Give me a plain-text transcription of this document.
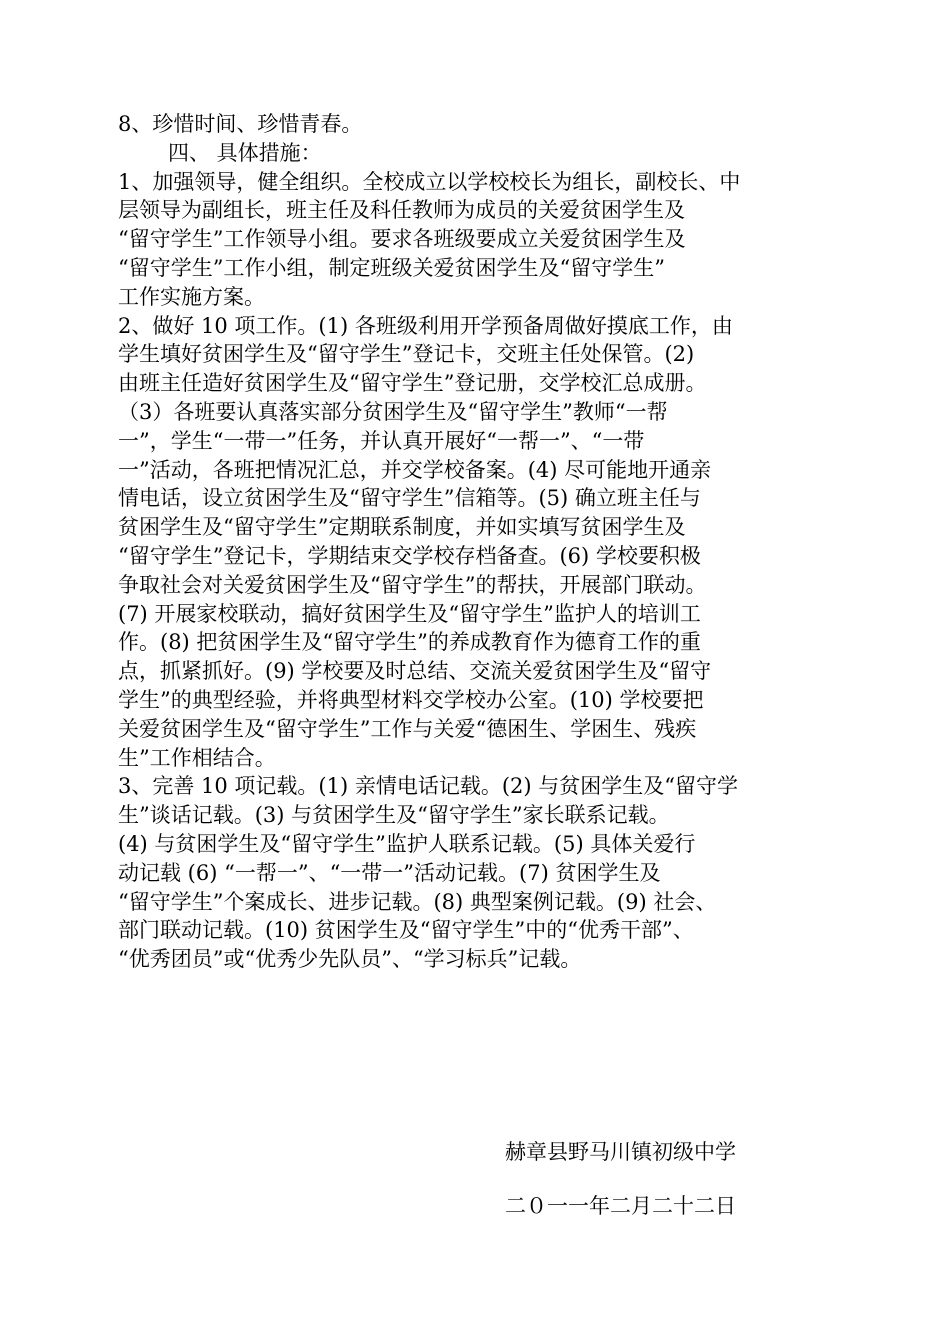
8、珍惜时间、珍惜青春。
四、 具体措施：
1、加强领导，健全组织。全校成立以学校校长为组长，副校长、中
层领导为副组长，班主任及科任教师为成员的关爱贫困学生及
“留守学生”工作领导小组。要求各班级要成立关爱贫困学生及
“留守学生”工作小组，制定班级关爱贫困学生及“留守学生”
工作实施方案。
2、做好 10 项工作。(1) 各班级利用开学预备周做好摸底工作，由
学生填好贫困学生及“留守学生”登记卡，交班主任处保管。(2)
由班主任造好贫困学生及“留守学生”登记册，交学校汇总成册。
（3）各班要认真落实部分贫困学生及“留守学生”教师“一帮
一”，学生“一带一”任务，并认真开展好“一帮一”、“一带
一”活动，各班把情况汇总，并交学校备案。(4) 尽可能地开通亲
情电话，设立贫困学生及“留守学生”信箱等。(5) 确立班主任与
贫困学生及“留守学生”定期联系制度，并如实填写贫困学生及
“留守学生”登记卡，学期结束交学校存档备查。(6) 学校要积极
争取社会对关爱贫困学生及“留守学生”的帮扶，开展部门联动。
(7) 开展家校联动，搞好贫困学生及“留守学生”监护人的培训工
作。(8) 把贫困学生及“留守学生”的养成教育作为德育工作的重
点，抓紧抓好。(9) 学校要及时总结、交流关爱贫困学生及“留守
学生”的典型经验，并将典型材料交学校办公室。(10) 学校要把
关爱贫困学生及“留守学生”工作与关爱“德困生、学困生、残疾
生”工作相结合。
3、完善 10 项记载。(1) 亲情电话记载。(2) 与贫困学生及“留守学
生”谈话记载。(3) 与贫困学生及“留守学生”家长联系记载。
(4) 与贫困学生及“留守学生”监护人联系记载。(5) 具体关爱行
动记载 (6) “一帮一”、“一带一”活动记载。(7) 贫困学生及
“留守学生”个案成长、进步记载。(8) 典型案例记载。(9) 社会、
部门联动记载。(10) 贫困学生及“留守学生”中的“优秀干部”、
“优秀团员”或“优秀少先队员”、“学习标兵”记载。
赫章县野马川镇初级中学
二０一一年二月二十二日
